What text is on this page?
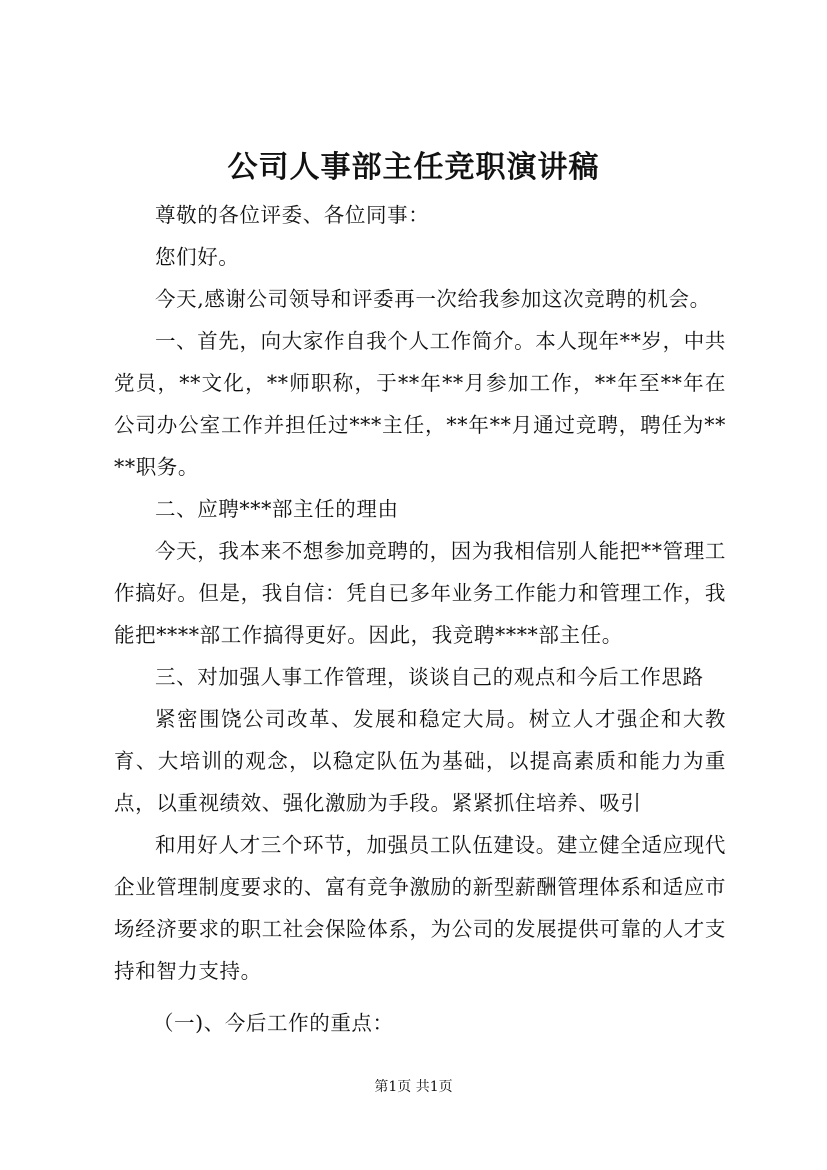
公司人事部主任竞职演讲稿

尊敬的各位评委、各位同事：

您们好。

今天,感谢公司领导和评委再一次给我参加这次竞聘的机会。

一、首先，向大家作自我个人工作简介。本人现年**岁，中共党员，**文化，**师职称，于**年**月参加工作，**年至**年在公司办公室工作并担任过***主任，**年**月通过竞聘，聘任为****职务。

二、应聘***部主任的理由

今天，我本来不想参加竞聘的，因为我相信别人能把**管理工作搞好。但是，我自信：凭自已多年业务工作能力和管理工作，我能把****部工作搞得更好。因此，我竞聘****部主任。

三、对加强人事工作管理，谈谈自己的观点和今后工作思路

紧密围饶公司改革、发展和稳定大局。树立人才强企和大教育、大培训的观念，以稳定队伍为基础，以提高素质和能力为重点，以重视绩效、强化激励为手段。紧紧抓住培养、吸引

和用好人才三个环节，加强员工队伍建设。建立健全适应现代企业管理制度要求的、富有竞争激励的新型薪酬管理体系和适应市场经济要求的职工社会保险体系，为公司的发展提供可靠的人才支持和智力支持。

（一)、今后工作的重点：

第1页 共1页
